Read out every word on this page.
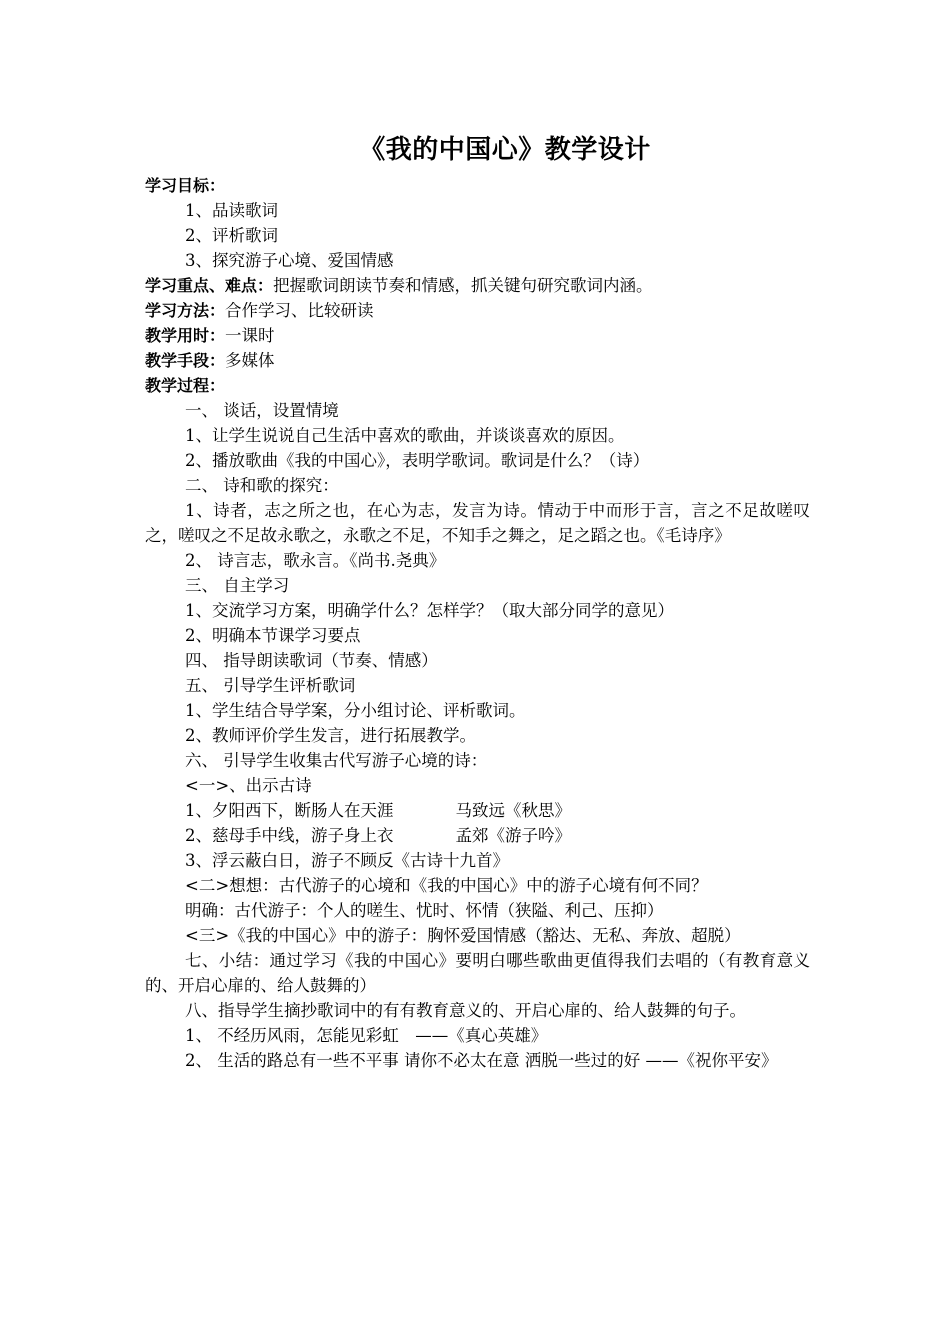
《我的中国心》教学设计
学习目标：
1、品读歌词
2、评析歌词
3、探究游子心境、爱国情感
学习重点、难点：把握歌词朗读节奏和情感，抓关键句研究歌词内涵。
学习方法：合作学习、比较研读
教学用时：一课时
教学手段：多媒体
教学过程：
一、 谈话，设置情境
1、让学生说说自己生活中喜欢的歌曲，并谈谈喜欢的原因。
2、播放歌曲《我的中国心》，表明学歌词。歌词是什么？（诗）
二、 诗和歌的探究：
1、诗者，志之所之也，在心为志，发言为诗。情动于中而形于言，言之不足故嗟叹之，嗟叹之不足故永歌之，永歌之不足，不知手之舞之，足之蹈之也。《毛诗序》
2、 诗言志，歌永言。《尚书.尧典》
三、 自主学习
1、交流学习方案，明确学什么？怎样学？（取大部分同学的意见）
2、明确本节课学习要点
四、 指导朗读歌词（节奏、情感）
五、 引导学生评析歌词
1、学生结合导学案，分小组讨论、评析歌词。
2、教师评价学生发言，进行拓展教学。
六、 引导学生收集古代写游子心境的诗：
<一>、出示古诗
1、夕阳西下，断肠人在天涯	马致远《秋思》
2、慈母手中线，游子身上衣	孟郊《游子吟》
3、浮云蔽白日，游子不顾反《古诗十九首》
<二>想想：古代游子的心境和《我的中国心》中的游子心境有何不同？
明确：古代游子：个人的嗟生、忧时、怀情（狭隘、利己、压抑）
<三>《我的中国心》中的游子：胸怀爱国情感（豁达、无私、奔放、超脱）
七、小结：通过学习《我的中国心》要明白哪些歌曲更值得我们去唱的（有教育意义的、开启心扉的、给人鼓舞的）
八、指导学生摘抄歌词中的有有教育意义的、开启心扉的、给人鼓舞的句子。
1、 不经历风雨，怎能见彩虹　——《真心英雄》
2、 生活的路总有一些不平事 请你不必太在意 洒脱一些过的好 ——《祝你平安》
